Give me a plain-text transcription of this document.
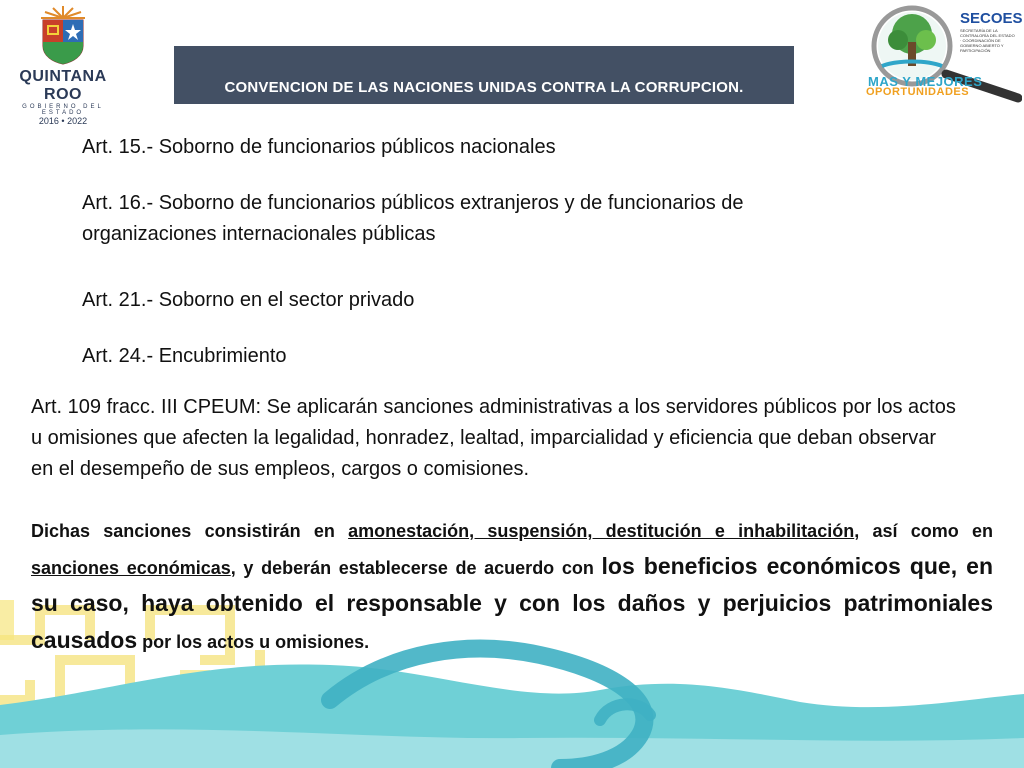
QUINTANA ROO
GOBIERNO DEL ESTADO
2016 • 2022
CONVENCION DE LAS NACIONES UNIDAS CONTRA LA CORRUPCION.
SECOES
SECRETARÍA DE LA CONTRALORÍA DEL ESTADO · COORDINACIÓN DE GOBIERNO ABIERTO Y PARTICIPACIÓN
MAS Y MEJORES
OPORTUNIDADES

Art. 15.- Soborno de funcionarios públicos nacionales

Art. 16.- Soborno de funcionarios públicos extranjeros y de funcionarios de organizaciones internacionales públicas

Art. 21.- Soborno en el sector privado

Art. 24.- Encubrimiento

Art. 109 fracc. III CPEUM: Se aplicarán sanciones administrativas a los servidores públicos por los actos u omisiones que afecten la legalidad, honradez, lealtad, imparcialidad y eficiencia que deban observar en el desempeño de sus empleos, cargos o comisiones.

Dichas sanciones consistirán en amonestación, suspensión, destitución e inhabilitación, así como en sanciones económicas, y deberán establecerse de acuerdo con los beneficios económicos que, en su caso, haya obtenido el responsable y con los daños y perjuicios patrimoniales causados por los actos u omisiones.
